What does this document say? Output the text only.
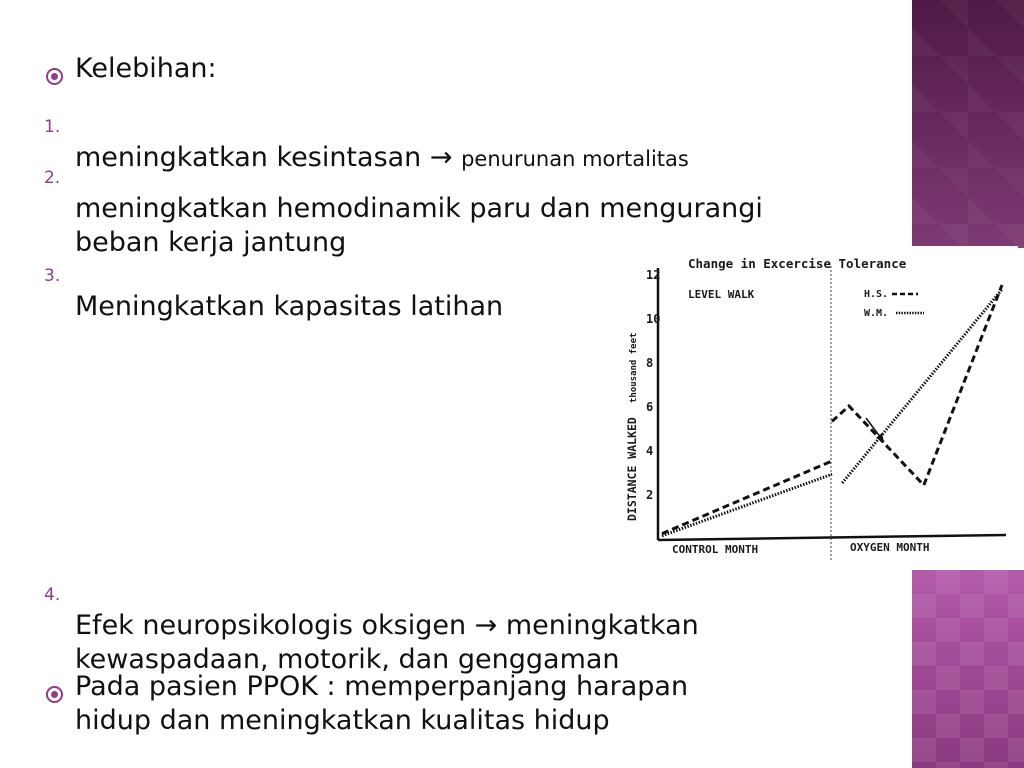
Kelebihan:
1.
meningkatkan kesintasan → penurunan mortalitas
2.
meningkatkan hemodinamik paru dan mengurangi
beban kerja jantung
3.
Meningkatkan kapasitas latihan
4.
Efek neuropsikologis oksigen → meningkatkan
kewaspadaan, motorik, dan genggaman
Pada pasien PPOK : memperpanjang harapan
hidup dan meningkatkan kualitas hidup
Change in Excercise Tolerance
LEVEL WALK
DISTANCE WALKED
thousand feet
2
4
6
8
10
12
CONTROL MONTH	OXYGEN MONTH
H.S.
W.M.
